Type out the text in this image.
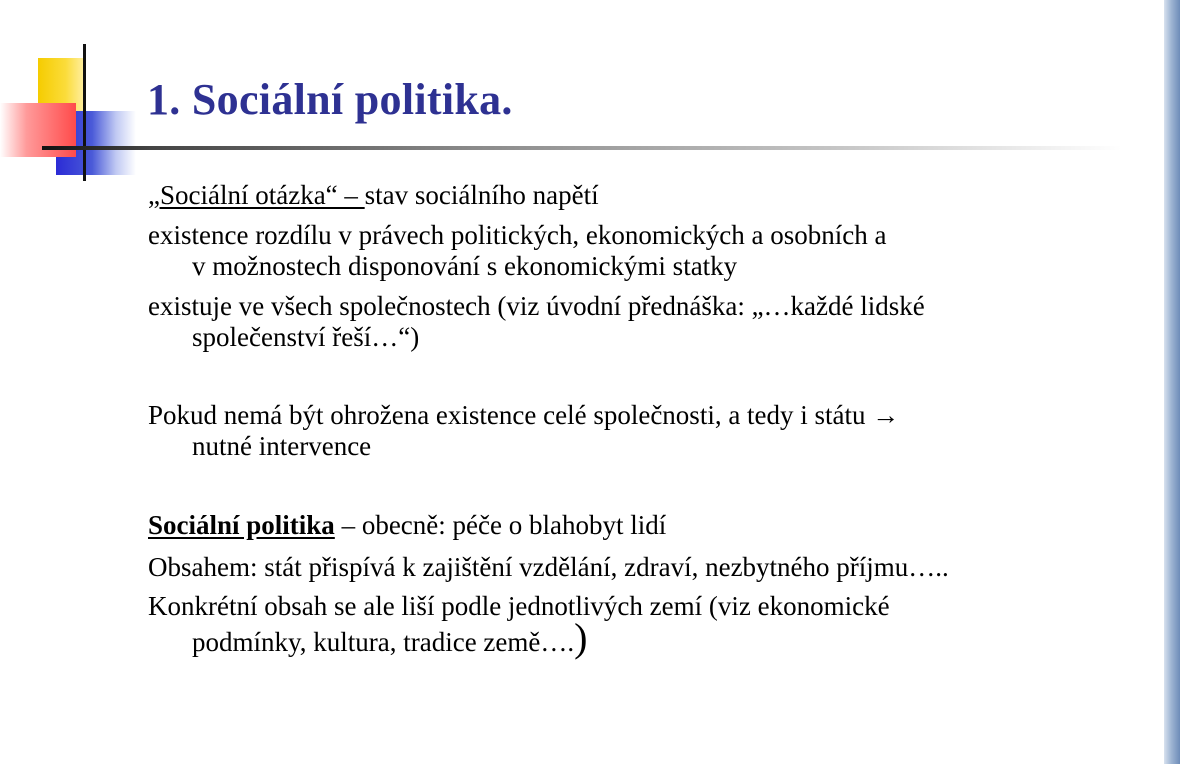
1. Sociální politika.

„Sociální otázka“ – stav sociálního napětí

existence rozdílu v právech politických, ekonomických a osobních a
v možnostech disponování s ekonomickými statky

existuje ve všech společnostech (viz úvodní přednáška: „…každé lidské
společenství řeší…“)

Pokud nemá být ohrožena existence celé společnosti, a tedy i státu →
nutné intervence

Sociální politika – obecně: péče o blahobyt lidí

Obsahem: stát přispívá k zajištění vzdělání, zdraví, nezbytného příjmu…..

Konkrétní obsah se ale liší podle jednotlivých zemí (viz ekonomické
podmínky, kultura, tradice země….)
